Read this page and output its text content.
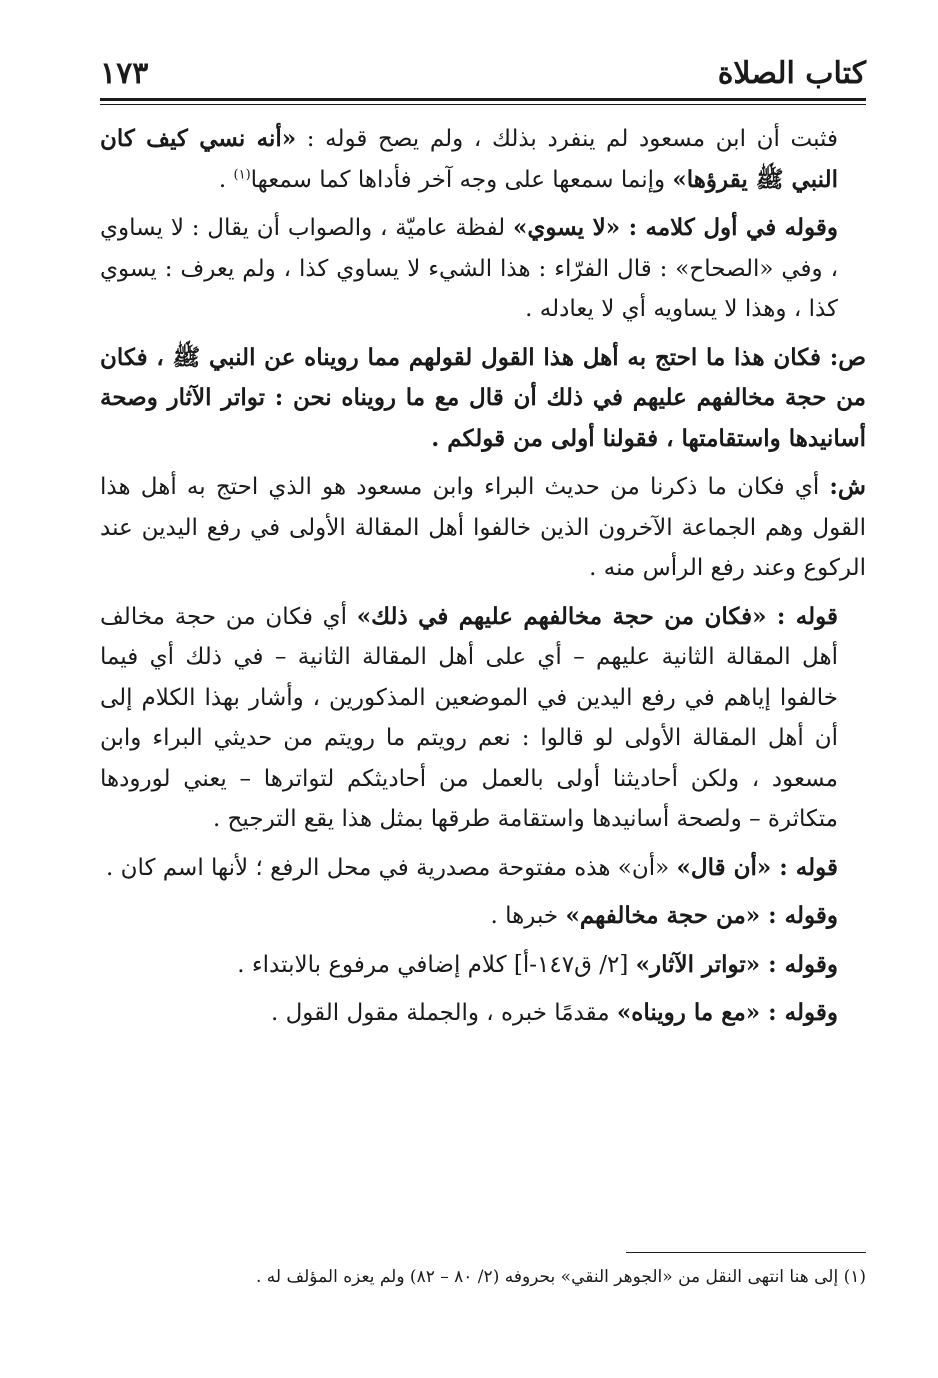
كتاب الصلاة
١٧٣

فثبت أن ابن مسعود لم ينفرد بذلك ، ولم يصح قوله : «أنه نسي كيف كان النبي ﷺ يقرؤها» وإنما سمعها على وجه آخر فأداها كما سمعها$^{(١)}$ .

وقوله في أول كلامه : «لا يسوي» لفظة عاميّة ، والصواب أن يقال : لا يساوي ، وفي «الصحاح» : قال الفرّاء : هذا الشيء لا يساوي كذا ، ولم يعرف : يسوي كذا ، وهذا لا يساويه أي لا يعادله .

ص: فكان هذا ما احتج به أهل هذا القول لقولهم مما رويناه عن النبي ﷺ ، فكان من حجة مخالفهم عليهم في ذلك أن قال مع ما رويناه نحن : تواتر الآثار وصحة أسانيدها واستقامتها ، فقولنا أولى من قولكم .

ش: أي فكان ما ذكرنا من حديث البراء وابن مسعود هو الذي احتج به أهل هذا القول وهم الجماعة الآخرون الذين خالفوا أهل المقالة الأولى في رفع اليدين عند الركوع وعند رفع الرأس منه .

قوله : «فكان من حجة مخالفهم عليهم في ذلك» أي فكان من حجة مخالف أهل المقالة الثانية عليهم – أي على أهل المقالة الثانية – في ذلك أي فيما خالفوا إياهم في رفع اليدين في الموضعين المذكورين ، وأشار بهذا الكلام إلى أن أهل المقالة الأولى لو قالوا : نعم رويتم ما رويتم من حديثي البراء وابن مسعود ، ولكن أحاديثنا أولى بالعمل من أحاديثكم لتواترها – يعني لورودها متكاثرة – ولصحة أسانيدها واستقامة طرقها بمثل هذا يقع الترجيح .

قوله : «أن قال» «أن» هذه مفتوحة مصدرية في محل الرفع ؛ لأنها اسم كان .

وقوله : «من حجة مخالفهم» خبرها .

وقوله : «تواتر الآثار» [٢/ ق١٤٧-أ] كلام إضافي مرفوع بالابتداء .

وقوله : «مع ما رويناه» مقدمًا خبره ، والجملة مقول القول .

(١) إلى هنا انتهى النقل من «الجوهر النقي» بحروفه (٢/ ٨٠ – ٨٢) ولم يعزه المؤلف له .
